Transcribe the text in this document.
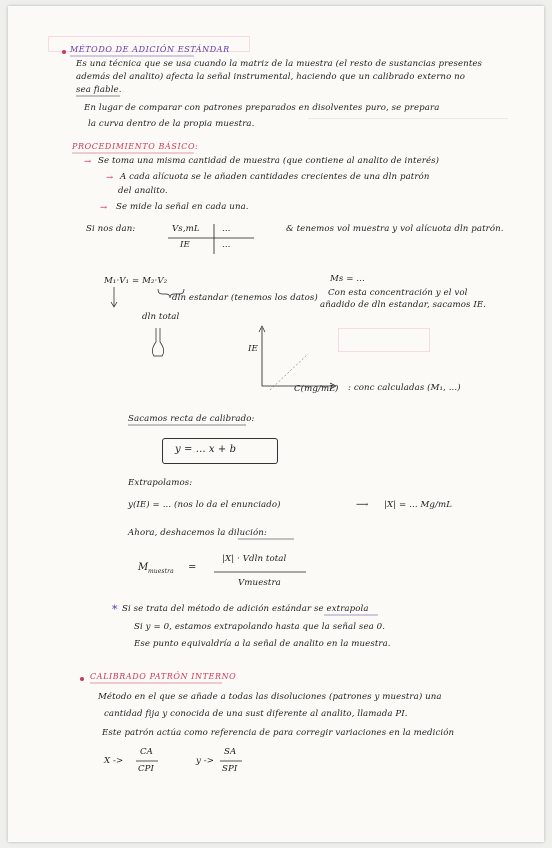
MÉTODO DE ADICIÓN ESTÁNDAR

Es una técnica que se usa cuando la matriz de la muestra (el resto de sustancias presentes

además del analito) afecta la señal instrumental, haciendo que un calibrado externo no

sea fiable.

En lugar de comparar con patrones preparados en disolventes puro, se prepara

la curva dentro de la propia muestra.

PROCEDIMIENTO BÁSICO:

→ Se toma una misma cantidad de muestra (que contiene al analito de interés)

→ A cada alícuota se le añaden cantidades crecientes de una dln patrón

del analito.

→ Se mide la señal en cada una.

Si nos dan:	Vs,mL	...
IE	...

& tenemos vol muestra y vol alícuota dln patrón.

M₁·V₁ = M₂·V₂	Ms = ...

dln estandar (tenemos los datos) Con esta concentración y el vol

añadido de dln estandar, sacamos IE.

dln total

IE

C(mg/mL) : conc calculadas (M₁, ...)

Sacamos recta de calibrado:

y = ... x + b

Extrapolamos:

y(IE) = ... (nos lo da el enunciado)	⟶ |X| = ... Mg/mL

Ahora, deshacemos la dilución:

M muestra =

|X| · Vdln total

Vmuestra

* Si se trata del método de adición estándar se extrapola

Si y = 0, estamos extrapolando hasta que la señal sea 0.

Ese punto equivaldría a la señal de analito en la muestra.

CALIBRADO PATRÓN INTERNO

Método en el que se añade a todas las disoluciones (patrones y muestra) una

cantidad fija y conocida de una sust diferente al analito, llamada PI.

Este patrón actúa como referencia de para corregir variaciones en la medición

X ->

CA

CPI

y ->

SA

SPI
